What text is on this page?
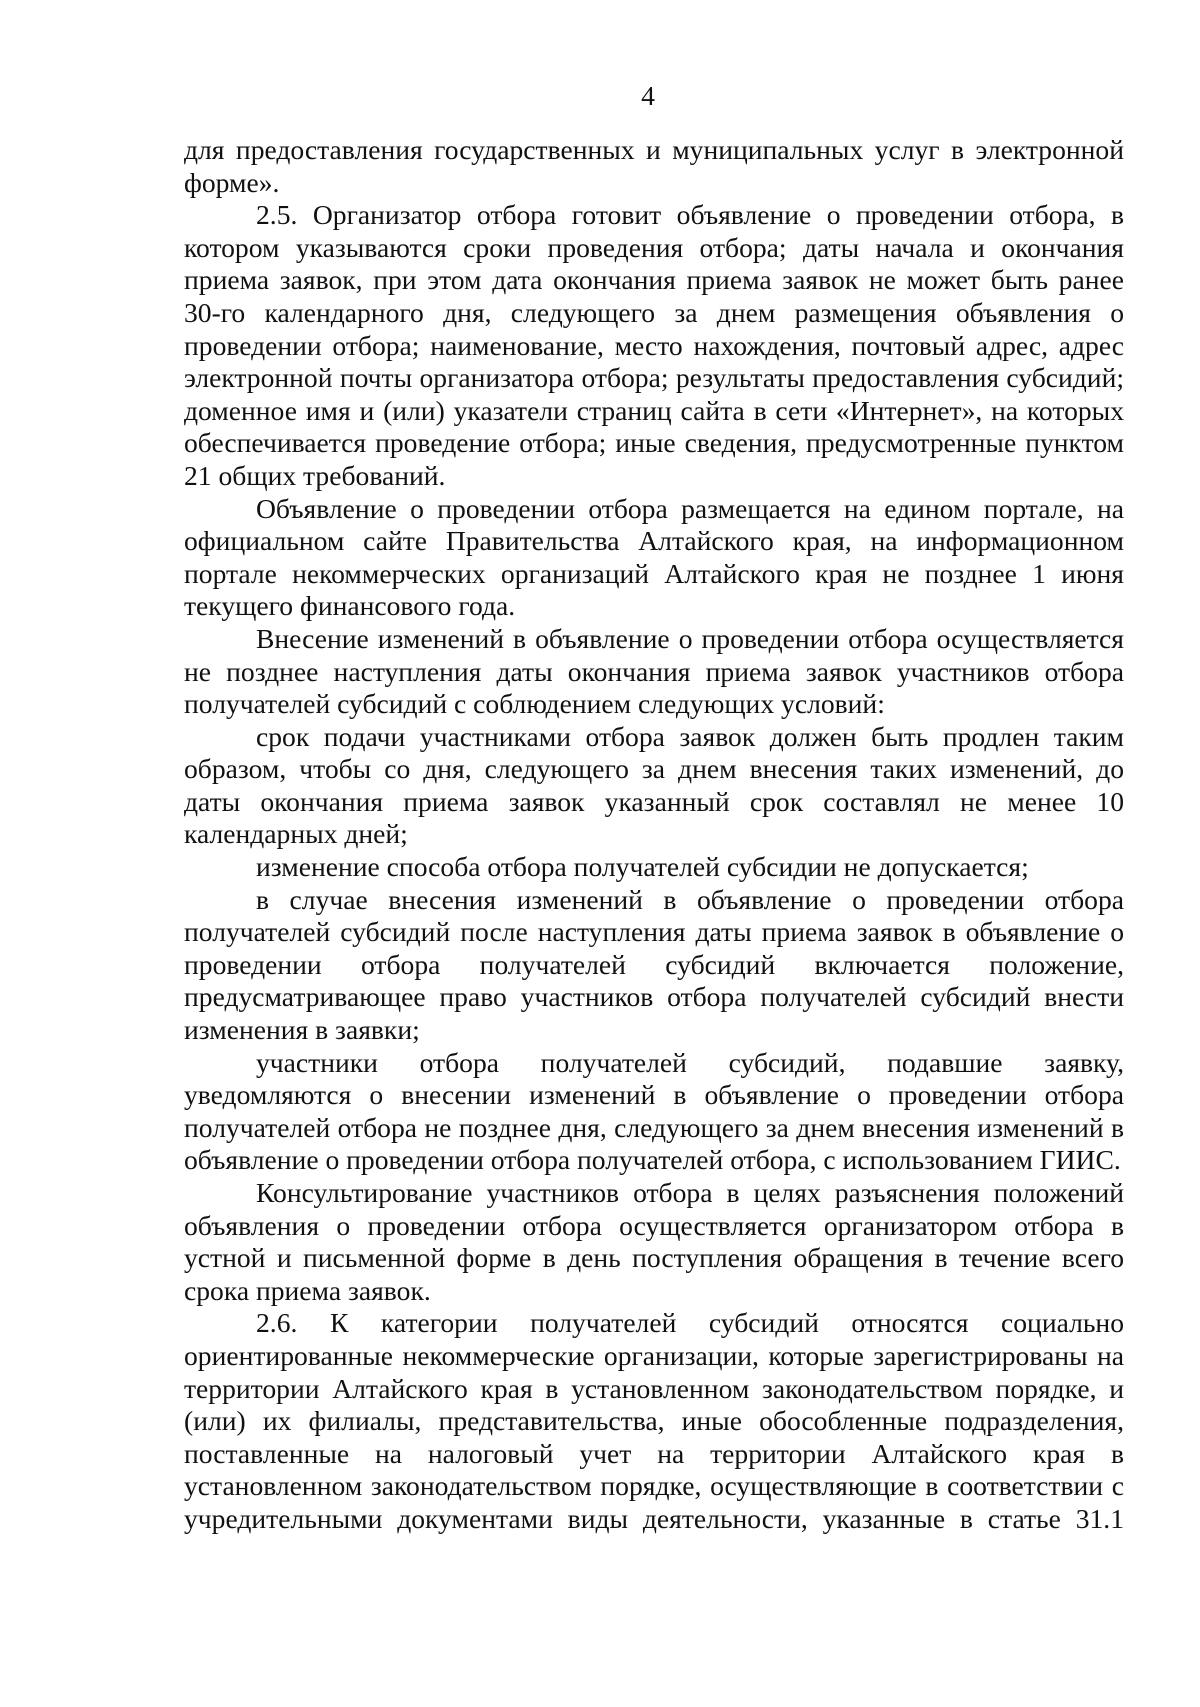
4

для предоставления государственных и муниципальных услуг в электронной форме».

2.5. Организатор отбора готовит объявление о проведении отбора, в котором указываются сроки проведения отбора; даты начала и окончания приема заявок, при этом дата окончания приема заявок не может быть ранее 30-го календарного дня, следующего за днем размещения объявления о проведении отбора; наименование, место нахождения, почтовый адрес, адрес электронной почты организатора отбора; результаты предоставления субсидий; доменное имя и (или) указатели страниц сайта в сети «Интернет», на которых обеспечивается проведение отбора; иные сведения, предусмотренные пунктом 21 общих требований.

Объявление о проведении отбора размещается на едином портале, на официальном сайте Правительства Алтайского края, на информационном портале некоммерческих организаций Алтайского края не позднее 1 июня текущего финансового года.

Внесение изменений в объявление о проведении отбора осуществляется не позднее наступления даты окончания приема заявок участников отбора получателей субсидий с соблюдением следующих условий:

срок подачи участниками отбора заявок должен быть продлен таким образом, чтобы со дня, следующего за днем внесения таких изменений, до даты окончания приема заявок указанный срок составлял не менее 10 календарных дней;

изменение способа отбора получателей субсидии не допускается;

в случае внесения изменений в объявление о проведении отбора получателей субсидий после наступления даты приема заявок в объявление о проведении отбора получателей субсидий включается положение, предусматривающее право участников отбора получателей субсидий внести изменения в заявки;

участники отбора получателей субсидий, подавшие заявку, уведомляются о внесении изменений в объявление о проведении отбора получателей отбора не позднее дня, следующего за днем внесения изменений в объявление о проведении отбора получателей отбора, с использованием ГИИС.

Консультирование участников отбора в целях разъяснения положений объявления о проведении отбора осуществляется организатором отбора в устной и письменной форме в день поступления обращения в течение всего срока приема заявок.

2.6. К категории получателей субсидий относятся социально ориентированные некоммерческие организации, которые зарегистрированы на территории Алтайского края в установленном законодательством порядке, и (или) их филиалы, представительства, иные обособленные подразделения, поставленные на налоговый учет на территории Алтайского края в установленном законодательством порядке, осуществляющие в соответствии с учредительными документами виды деятельности, указанные в статье 31.1
